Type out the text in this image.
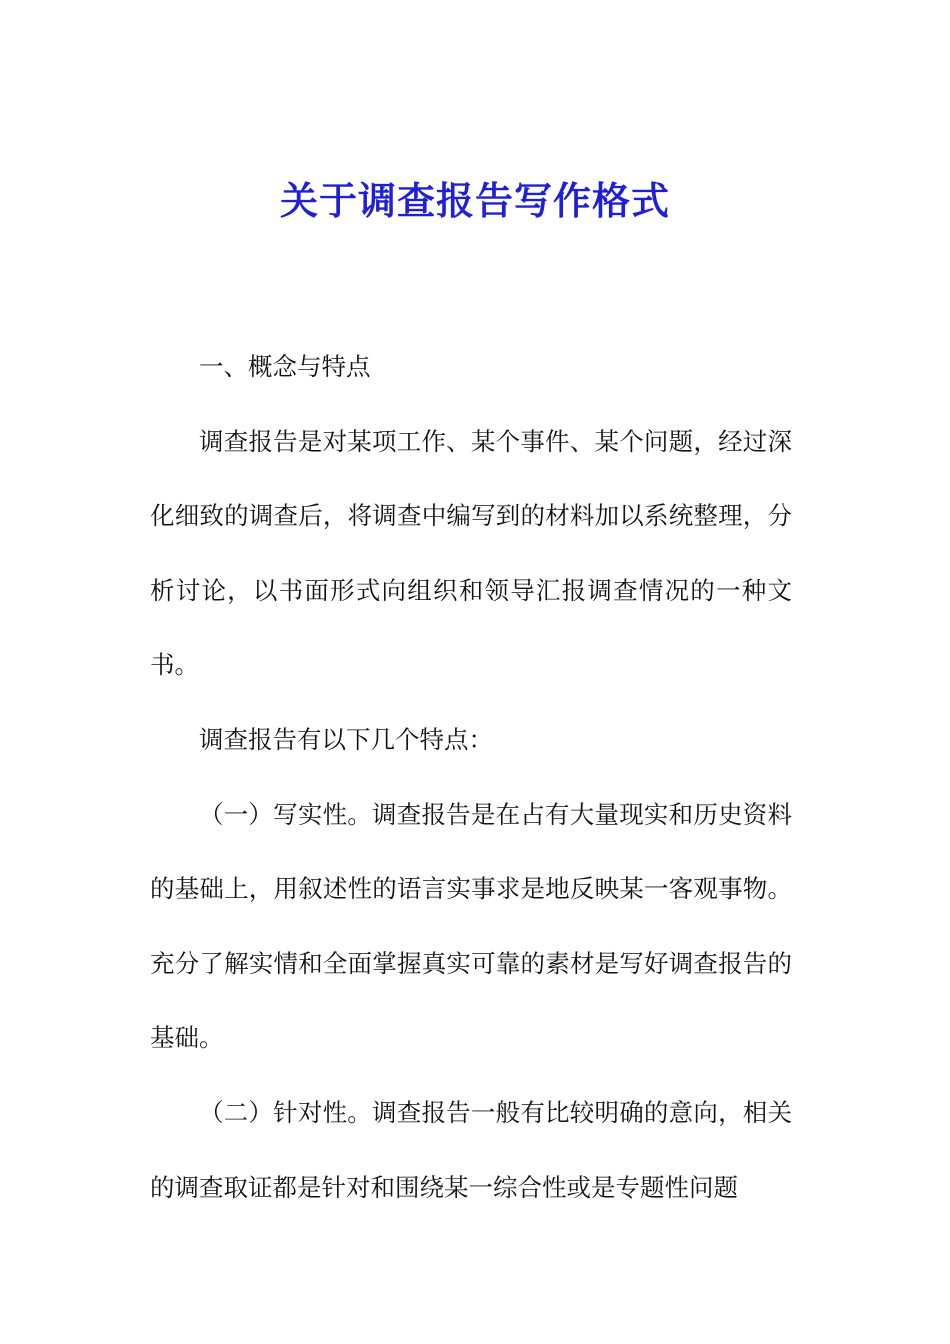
关于调查报告写作格式

一、概念与特点

调查报告是对某项工作、某个事件、某个问题，经过深化细致的调查后，将调查中编写到的材料加以系统整理，分析讨论，以书面形式向组织和领导汇报调查情况的一种文书。

调查报告有以下几个特点：

（一）写实性。调查报告是在占有大量现实和历史资料的基础上，用叙述性的语言实事求是地反映某一客观事物。充分了解实情和全面掌握真实可靠的素材是写好调查报告的基础。

（二）针对性。调查报告一般有比较明确的意向，相关的调查取证都是针对和围绕某一综合性或是专题性问题
